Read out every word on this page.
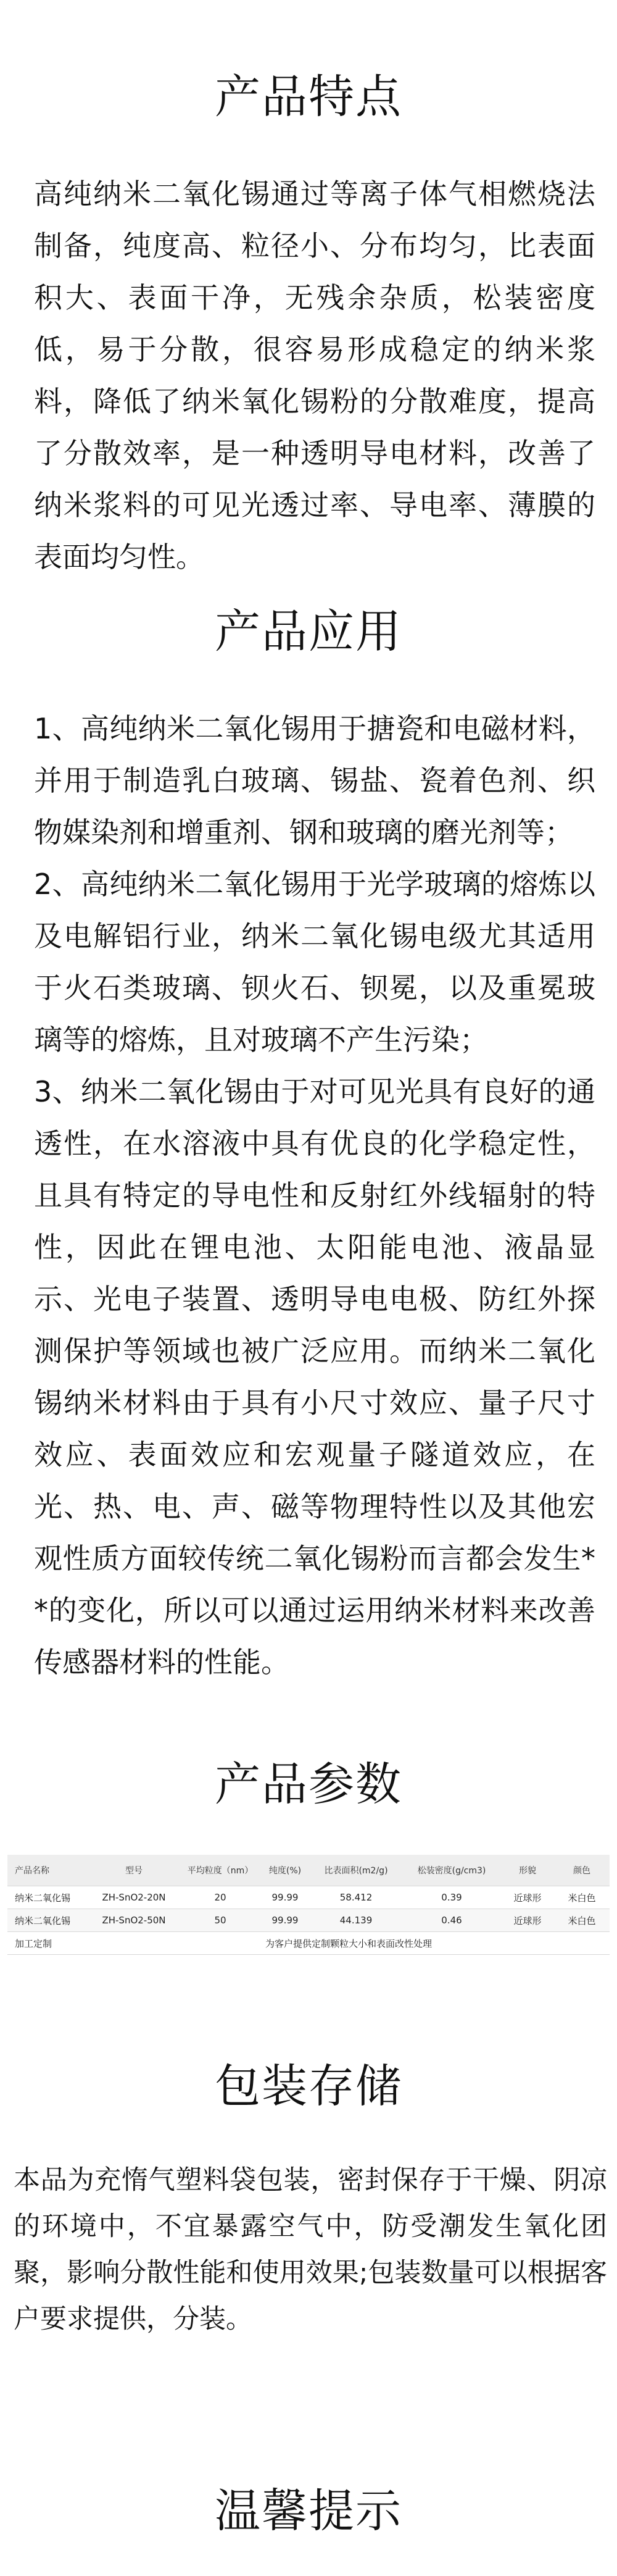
产品特点

高纯纳米二氧化锡通过等离子体气相燃烧法制备，纯度高、粒径小、分布均匀，比表面积大、表面干净，无残余杂质，松装密度低，易于分散，很容易形成稳定的纳米浆料，降低了纳米氧化锡粉的分散难度，提高了分散效率，是一种透明导电材料，改善了纳米浆料的可见光透过率、导电率、薄膜的表面均匀性。

产品应用

1、高纯纳米二氧化锡用于搪瓷和电磁材料，并用于制造乳白玻璃、锡盐、瓷着色剂、织物媒染剂和增重剂、钢和玻璃的磨光剂等；

2、高纯纳米二氧化锡用于光学玻璃的熔炼以及电解铝行业，纳米二氧化锡电级尤其适用于火石类玻璃、钡火石、钡冕，以及重冕玻璃等的熔炼，且对玻璃不产生污染；

3、纳米二氧化锡由于对可见光具有良好的通透性，在水溶液中具有优良的化学稳定性，且具有特定的导电性和反射红外线辐射的特性，因此在锂电池、太阳能电池、液晶显示、光电子装置、透明导电电极、防红外探测保护等领域也被广泛应用。而纳米二氧化锡纳米材料由于具有小尺寸效应、量子尺寸效应、表面效应和宏观量子隧道效应，在光、热、电、声、磁等物理特性以及其他宏观性质方面较传统二氧化锡粉而言都会发生**的变化，所以可以通过运用纳米材料来改善传感器材料的性能。

产品参数
产品名称	型号	平均粒度（nm）	纯度(%)	比表面积(m2/g)	松装密度(g/cm3)	形貌	颜色
纳米二氧化锡	ZH-SnO2-20N	20	99.99	58.412	0.39	近球形	米白色
纳米二氧化锡	ZH-SnO2-50N	50	99.99	44.139	0.46	近球形	米白色
加工定制	为客户提供定制颗粒大小和表面改性处理						
包装存储

本品为充惰气塑料袋包装，密封保存于干燥、阴凉的环境中，不宜暴露空气中，防受潮发生氧化团聚，影响分散性能和使用效果;包装数量可以根据客户要求提供，分装。

温馨提示
